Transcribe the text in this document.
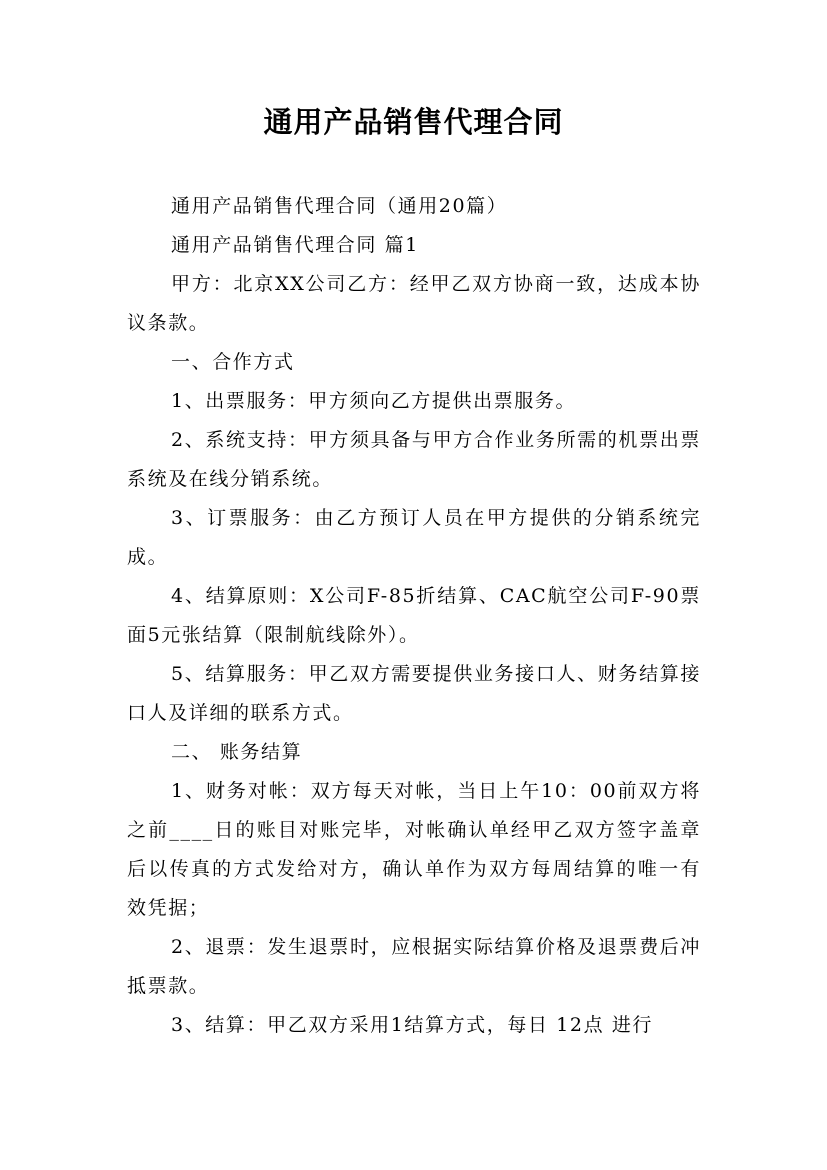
通用产品销售代理合同

通用产品销售代理合同（通用20篇）

通用产品销售代理合同 篇1

甲方：北京XX公司乙方：经甲乙双方协商一致，达成本协议条款。

一、合作方式

1、出票服务：甲方须向乙方提供出票服务。

2、系统支持：甲方须具备与甲方合作业务所需的机票出票系统及在线分销系统。

3、订票服务：由乙方预订人员在甲方提供的分销系统完成。

4、结算原则：X公司F-85折结算、CAC航空公司F-90票面5元张结算（限制航线除外）。

5、结算服务：甲乙双方需要提供业务接口人、财务结算接口人及详细的联系方式。

二、 账务结算

1、财务对帐：双方每天对帐，当日上午10：00前双方将之前____日的账目对账完毕，对帐确认单经甲乙双方签字盖章后以传真的方式发给对方，确认单作为双方每周结算的唯一有效凭据；

2、退票：发生退票时，应根据实际结算价格及退票费后冲抵票款。

3、结算：甲乙双方采用1结算方式，每日 12点 进行
